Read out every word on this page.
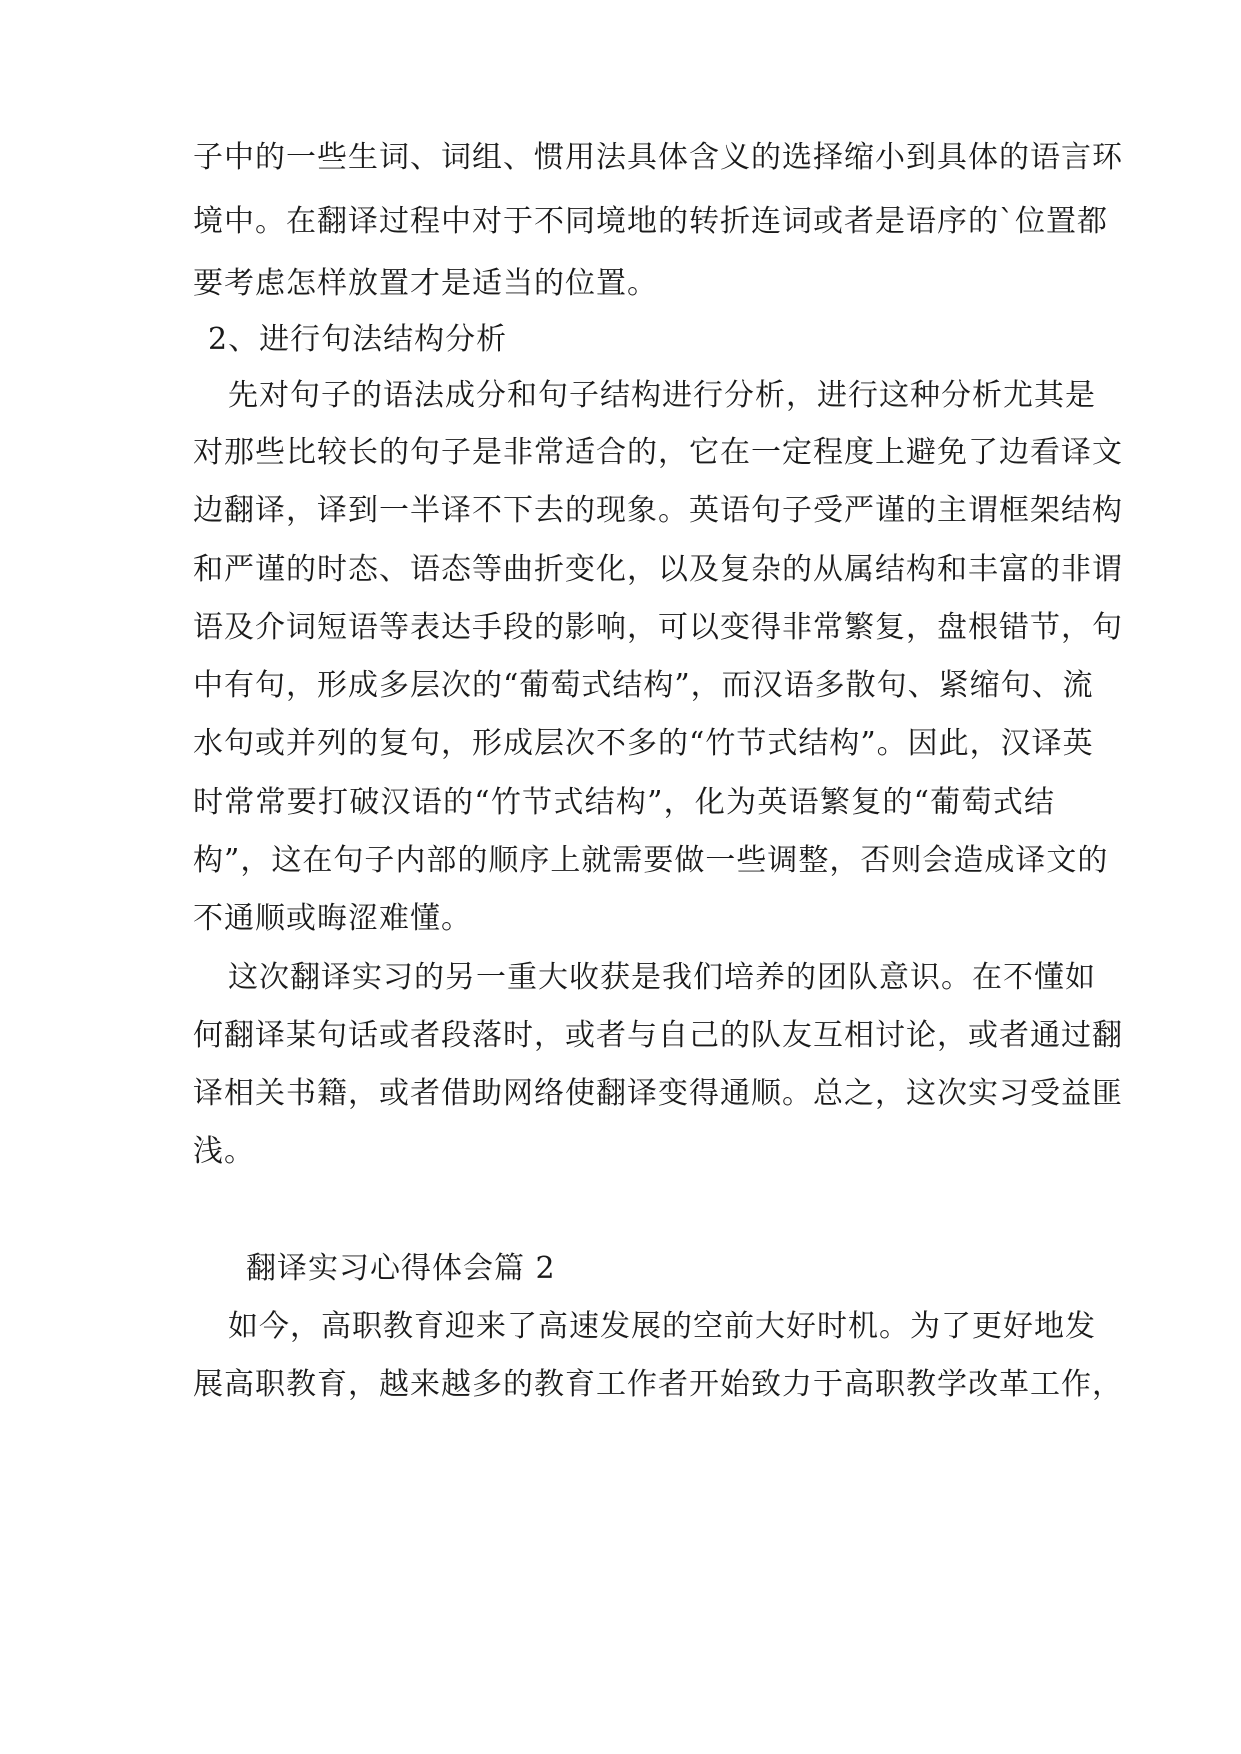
子中的一些生词、词组、惯用法具体含义的选择缩小到具体的语言环
境中。在翻译过程中对于不同境地的转折连词或者是语序的`位置都
要考虑怎样放置才是适当的位置。
2、进行句法结构分析
先对句子的语法成分和句子结构进行分析，进行这种分析尤其是
对那些比较长的句子是非常适合的，它在一定程度上避免了边看译文
边翻译，译到一半译不下去的现象。英语句子受严谨的主谓框架结构
和严谨的时态、语态等曲折变化，以及复杂的从属结构和丰富的非谓
语及介词短语等表达手段的影响，可以变得非常繁复，盘根错节，句
中有句，形成多层次的“葡萄式结构”，而汉语多散句、紧缩句、流
水句或并列的复句，形成层次不多的“竹节式结构”。因此，汉译英
时常常要打破汉语的“竹节式结构”，化为英语繁复的“葡萄式结
构”，这在句子内部的顺序上就需要做一些调整，否则会造成译文的
不通顺或晦涩难懂。
这次翻译实习的另一重大收获是我们培养的团队意识。在不懂如
何翻译某句话或者段落时，或者与自己的队友互相讨论，或者通过翻
译相关书籍，或者借助网络使翻译变得通顺。总之，这次实习受益匪
浅。
翻译实习心得体会篇 2
如今，高职教育迎来了高速发展的空前大好时机。为了更好地发
展高职教育，越来越多的教育工作者开始致力于高职教学改革工作，
